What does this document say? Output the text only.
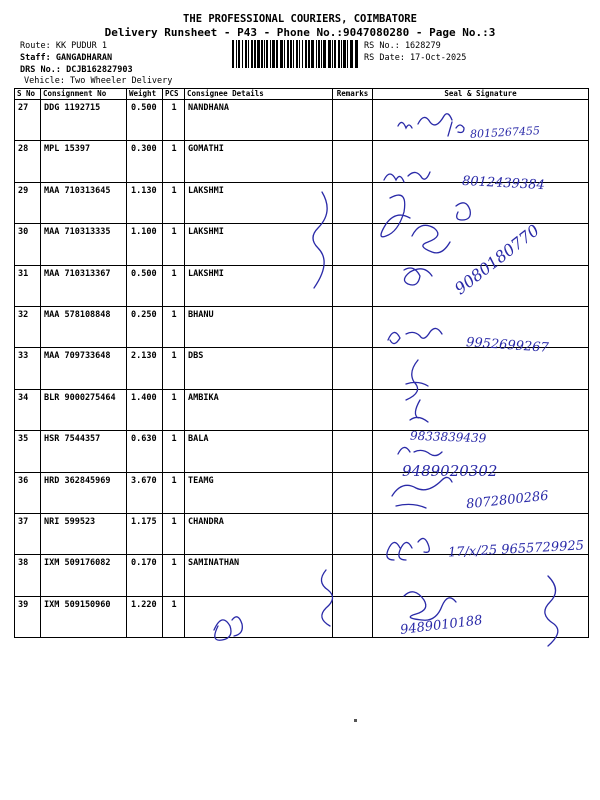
THE PROFESSIONAL COURIERS, COIMBATORE
Delivery Runsheet - P43 - Phone No.:9047080280 - Page No.:3
Route: KK PUDUR 1
Staff: GANGADHARAN
DRS No.: DCJB162827903
Vehicle: Two Wheeler Delivery
RS No.: 1628279
RS Date: 17-Oct-2025
S No	Consignment No	Weight	PCS	Consignee Details	Remarks	Seal & Signature
27	DDG 1192715	0.500	1	NANDHANA		
28	MPL 15397	0.300	1	GOMATHI		
29	MAA 710313645	1.130	1	LAKSHMI		
30	MAA 710313335	1.100	1	LAKSHMI		
31	MAA 710313367	0.500	1	LAKSHMI		
32	MAA 578108848	0.250	1	BHANU		
33	MAA 709733648	2.130	1	DBS		
34	BLR 9000275464	1.400	1	AMBIKA		
35	HSR 7544357	0.630	1	BALA		
36	HRD 362845969	3.670	1	TEAMG		
37	NRI 599523	1.175	1	CHANDRA		
38	IXM 509176082	0.170	1	SAMINATHAN		
39	IXM 509150960	1.220	1			
8015267455
8012439384
9080180770
9952699267
9833839439
9489020302
8072800286
17/x/25 9655729925
9489010188
